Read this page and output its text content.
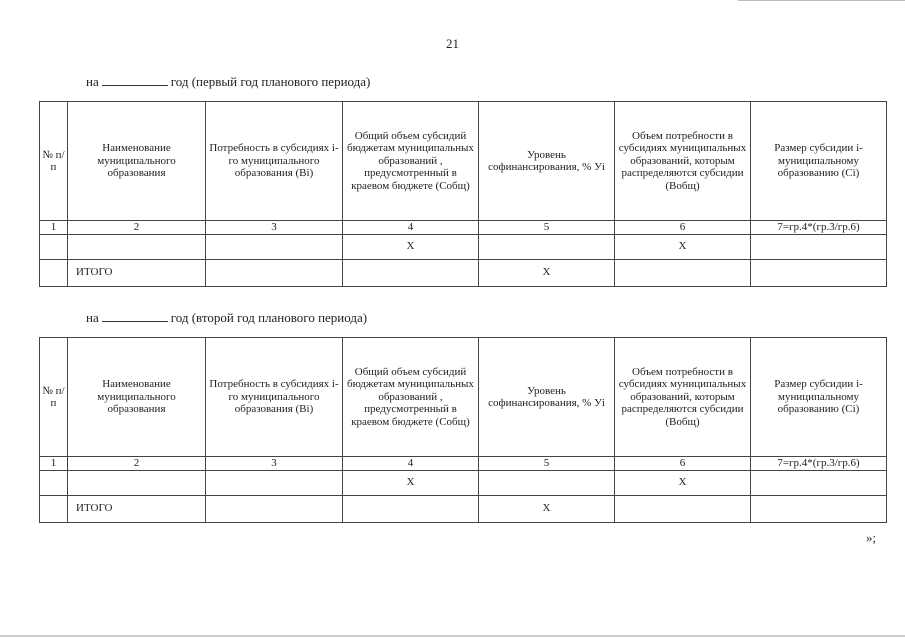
21
на	год (первый год планового периода)
№ п/п	Наименование муниципального образования	Потребность в субсидиях i-го муниципального образования (Bi)	Общий объем субсидий бюджетам муниципальных образований , предусмотренный в краевом бюджете (Собщ)	Уровень софинансирования, % Уi	Объем потребности в субсидиях муниципальных образований, которым распределяются субсидии (Вобщ)	Размер субсидии i-муниципальному образованию (Ci)
1	2	3	4	5	6	7=гр.4*(гр.3/гр.6)
			X		X	
	ИТОГО			X		
на	год (второй год планового периода)
№ п/п	Наименование муниципального образования	Потребность в субсидиях i-го муниципального образования (Bi)	Общий объем субсидий бюджетам муниципальных образований , предусмотренный в краевом бюджете (Собщ)	Уровень софинансирования, % Уi	Объем потребности в субсидиях муниципальных образований, которым распределяются субсидии (Вобщ)	Размер субсидии i-муниципальному образованию (Ci)
1	2	3	4	5	6	7=гр.4*(гр.3/гр.6)
			X		X	
	ИТОГО			X		
»;
